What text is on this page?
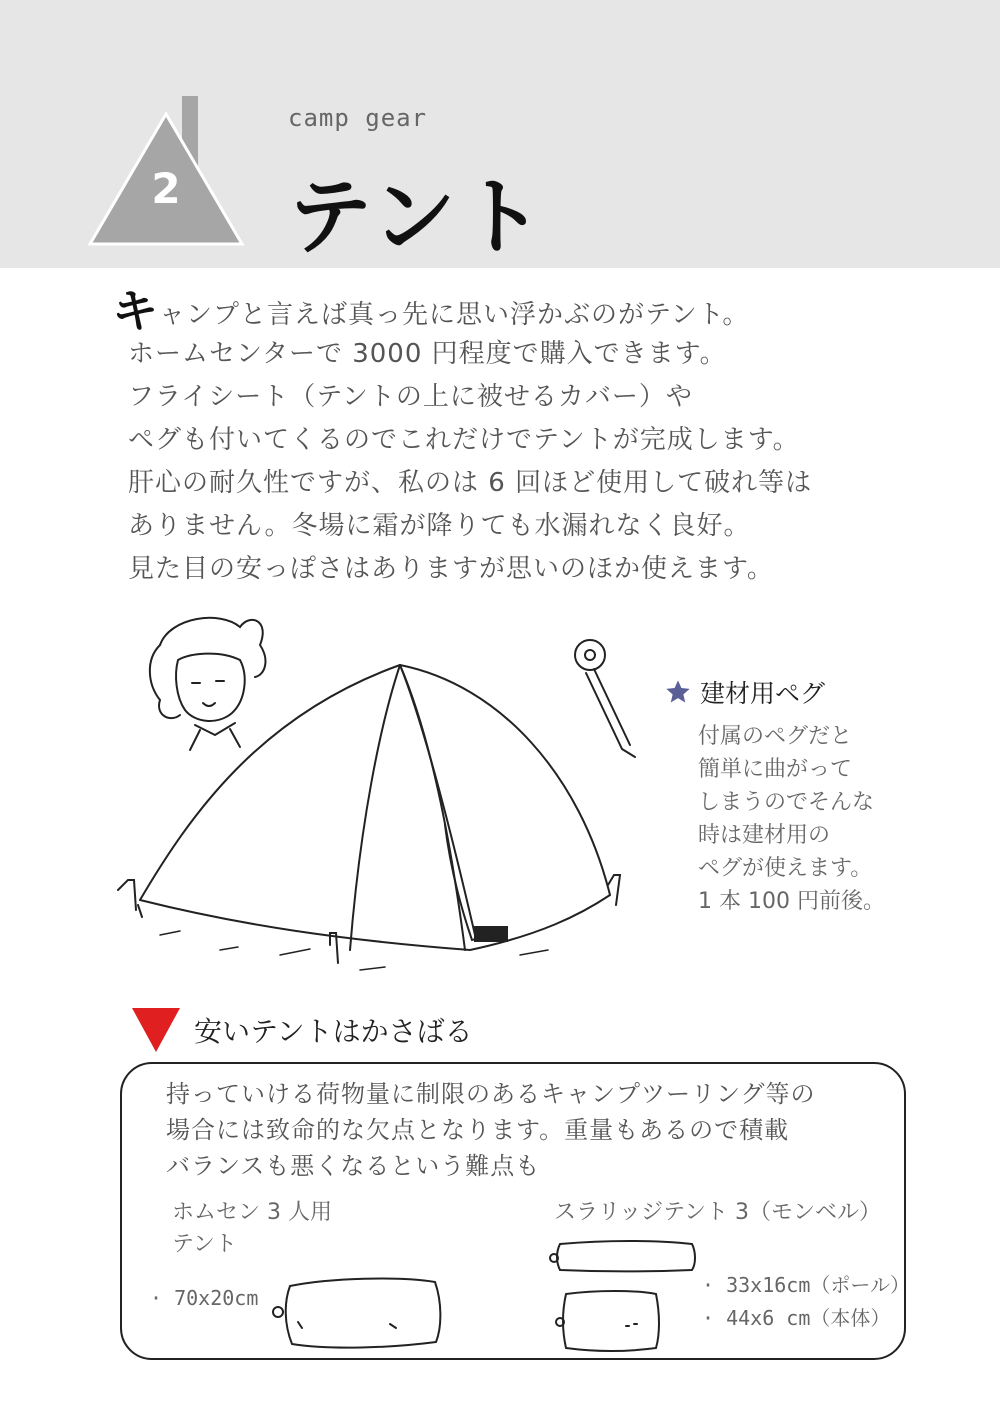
2
camp gear
テント
キャンプと言えば真っ先に思い浮かぶのがテント。
ホームセンターで 3000 円程度で購入できます。
フライシート（テントの上に被せるカバー）や
ペグも付いてくるのでこれだけでテントが完成します。
肝心の耐久性ですが、私のは 6 回ほど使用して破れ等は
ありません。冬場に霜が降りても水漏れなく良好。
見た目の安っぽさはありますが思いのほか使えます。
建材用ペグ
付属のペグだと
簡単に曲がって
しまうのでそんな
時は建材用の
ペグが使えます。
1 本 100 円前後。
安いテントはかさばる
持っていける荷物量に制限のあるキャンプツーリング等の
場合には致命的な欠点となります。重量もあるので積載
バランスも悪くなるという難点も
ホムセン 3 人用
テント
· 70x20cm
スラリッジテント 3（モンベル）
· 33x16cm（ポール）
· 44x6 cm（本体）
